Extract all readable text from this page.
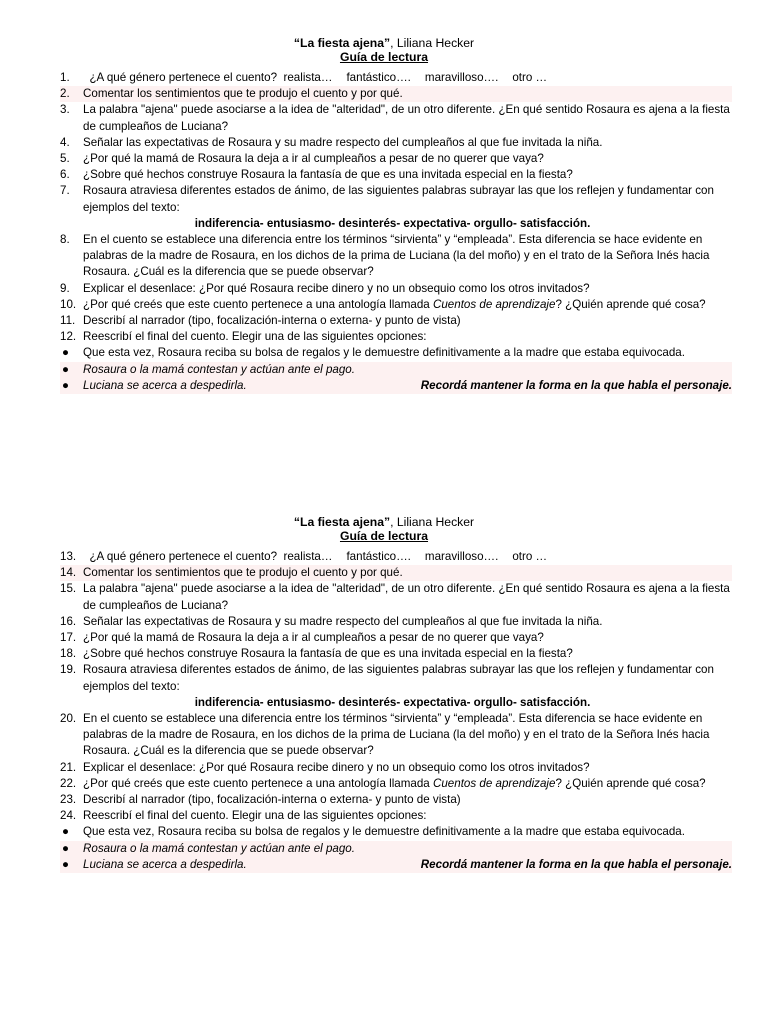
“La fiesta ajena”, Liliana Hecker
Guía de lectura
1.	¿A qué género pertenece el cuento? realista… fantástico…. maravilloso…. otro …
2.	Comentar los sentimientos que te produjo el cuento y por qué.
3.	La palabra "ajena" puede asociarse a la idea de "alteridad", de un otro diferente. ¿En qué sentido Rosaura es ajena a la fiesta de cumpleaños de Luciana?
4.	Señalar las expectativas de Rosaura y su madre respecto del cumpleaños al que fue invitada la niña.
5.	¿Por qué la mamá de Rosaura la deja a ir al cumpleaños a pesar de no querer que vaya?
6.	¿Sobre qué hechos construye Rosaura la fantasía de que es una invitada especial en la fiesta?
7.	Rosaura atraviesa diferentes estados de ánimo, de las siguientes palabras subrayar las que los reflejen y fundamentar con ejemplos del texto:
indiferencia- entusiasmo- desinterés- expectativa- orgullo- satisfacción.
8.	En el cuento se establece una diferencia entre los términos “sirvienta” y “empleada”. Esta diferencia se hace evidente en palabras de la madre de Rosaura, en los dichos de la prima de Luciana (la del moño) y en el trato de la Señora Inés hacia Rosaura. ¿Cuál es la diferencia que se puede observar?
9.	Explicar el desenlace: ¿Por qué Rosaura recibe dinero y no un obsequio como los otros invitados?
10. ¿Por qué creés que este cuento pertenece a una antología llamada Cuentos de aprendizaje? ¿Quién aprende qué cosa?
11. Describí al narrador (tipo, focalización-interna o externa- y punto de vista)
12. Reescribí el final del cuento. Elegir una de las siguientes opciones:
●	Que esta vez, Rosaura reciba su bolsa de regalos y le demuestre definitivamente a la madre que estaba equivocada.
●	Rosaura o la mamá contestan y actúan ante el pago.
●	Luciana se acerca a despedirla.	Recordá mantener la forma en la que habla el personaje.
“La fiesta ajena”, Liliana Hecker
Guía de lectura
13.	¿A qué género pertenece el cuento? realista… fantástico…. maravilloso…. otro …
14. Comentar los sentimientos que te produjo el cuento y por qué.
15. La palabra "ajena" puede asociarse a la idea de "alteridad", de un otro diferente. ¿En qué sentido Rosaura es ajena a la fiesta de cumpleaños de Luciana?
16. Señalar las expectativas de Rosaura y su madre respecto del cumpleaños al que fue invitada la niña.
17. ¿Por qué la mamá de Rosaura la deja a ir al cumpleaños a pesar de no querer que vaya?
18. ¿Sobre qué hechos construye Rosaura la fantasía de que es una invitada especial en la fiesta?
19. Rosaura atraviesa diferentes estados de ánimo, de las siguientes palabras subrayar las que los reflejen y fundamentar con ejemplos del texto:
indiferencia- entusiasmo- desinterés- expectativa- orgullo- satisfacción.
20. En el cuento se establece una diferencia entre los términos “sirvienta” y “empleada”. Esta diferencia se hace evidente en palabras de la madre de Rosaura, en los dichos de la prima de Luciana (la del moño) y en el trato de la Señora Inés hacia Rosaura. ¿Cuál es la diferencia que se puede observar?
21. Explicar el desenlace: ¿Por qué Rosaura recibe dinero y no un obsequio como los otros invitados?
22. ¿Por qué creés que este cuento pertenece a una antología llamada Cuentos de aprendizaje? ¿Quién aprende qué cosa?
23. Describí al narrador (tipo, focalización-interna o externa- y punto de vista)
24. Reescribí el final del cuento. Elegir una de las siguientes opciones:
●	Que esta vez, Rosaura reciba su bolsa de regalos y le demuestre definitivamente a la madre que estaba equivocada.
●	Rosaura o la mamá contestan y actúan ante el pago.
●	Luciana se acerca a despedirla.	Recordá mantener la forma en la que habla el personaje.
